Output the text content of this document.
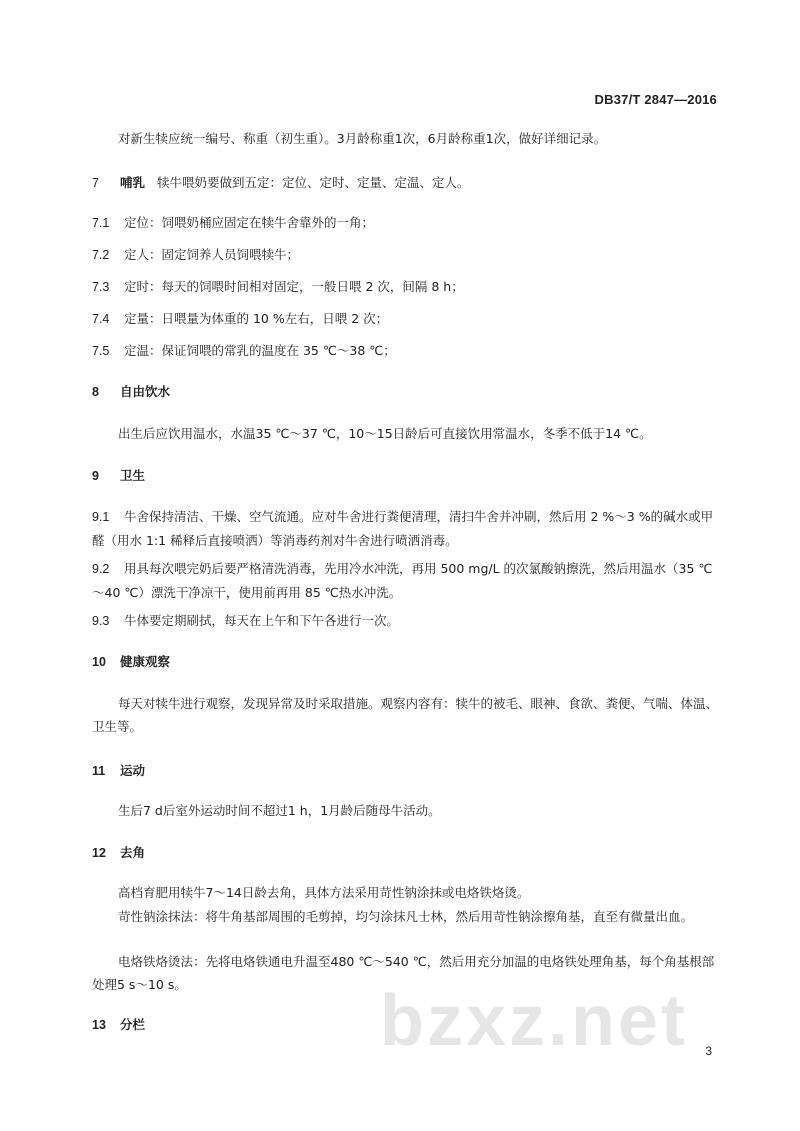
DB37/T 2847—2016
对新生犊应统一编号、称重（初生重）。3月龄称重1次，6月龄称重1次，做好详细记录。
7 哺乳 犊牛喂奶要做到五定：定位、定时、定量、定温、定人。
7.1 定位：饲喂奶桶应固定在犊牛舍靠外的一角；
7.2 定人：固定饲养人员饲喂犊牛；
7.3 定时：每天的饲喂时间相对固定，一般日喂 2 次，间隔 8 h；
7.4 定量：日喂量为体重的 10 %左右，日喂 2 次；
7.5 定温：保证饲喂的常乳的温度在 35 ℃～38 ℃；
8 自由饮水
出生后应饮用温水，水温35 ℃～37 ℃，10～15日龄后可直接饮用常温水，冬季不低于14 ℃。
9 卫生
9.1 牛舍保持清洁、干燥、空气流通。应对牛舍进行粪便清理，清扫牛舍并冲刷，然后用 2 %～3 %的碱水或甲醛（用水 1:1 稀释后直接喷洒）等消毒药剂对牛舍进行喷洒消毒。
9.2 用具每次喂完奶后要严格清洗消毒，先用冷水冲洗，再用 500 mg/L 的次氯酸钠擦洗，然后用温水（35 ℃～40 ℃）漂洗干净凉干，使用前再用 85 ℃热水冲洗。
9.3 牛体要定期刷拭，每天在上午和下午各进行一次。
10 健康观察
每天对犊牛进行观察，发现异常及时采取措施。观察内容有：犊牛的被毛、眼神、食欲、粪便、气喘、体温、卫生等。
11 运动
生后7 d后室外运动时间不超过1 h，1月龄后随母牛活动。
12 去角
高档育肥用犊牛7～14日龄去角，具体方法采用苛性钠涂抹或电烙铁烙烫。
苛性钠涂抹法：将牛角基部周围的毛剪掉，均匀涂抹凡士林，然后用苛性钠涂擦角基，直至有微量出血。
电烙铁烙烫法：先将电烙铁通电升温至480 ℃～540 ℃，然后用充分加温的电烙铁处理角基，每个角基根部处理5 s～10 s。
13 分栏	bzxz.net 3
